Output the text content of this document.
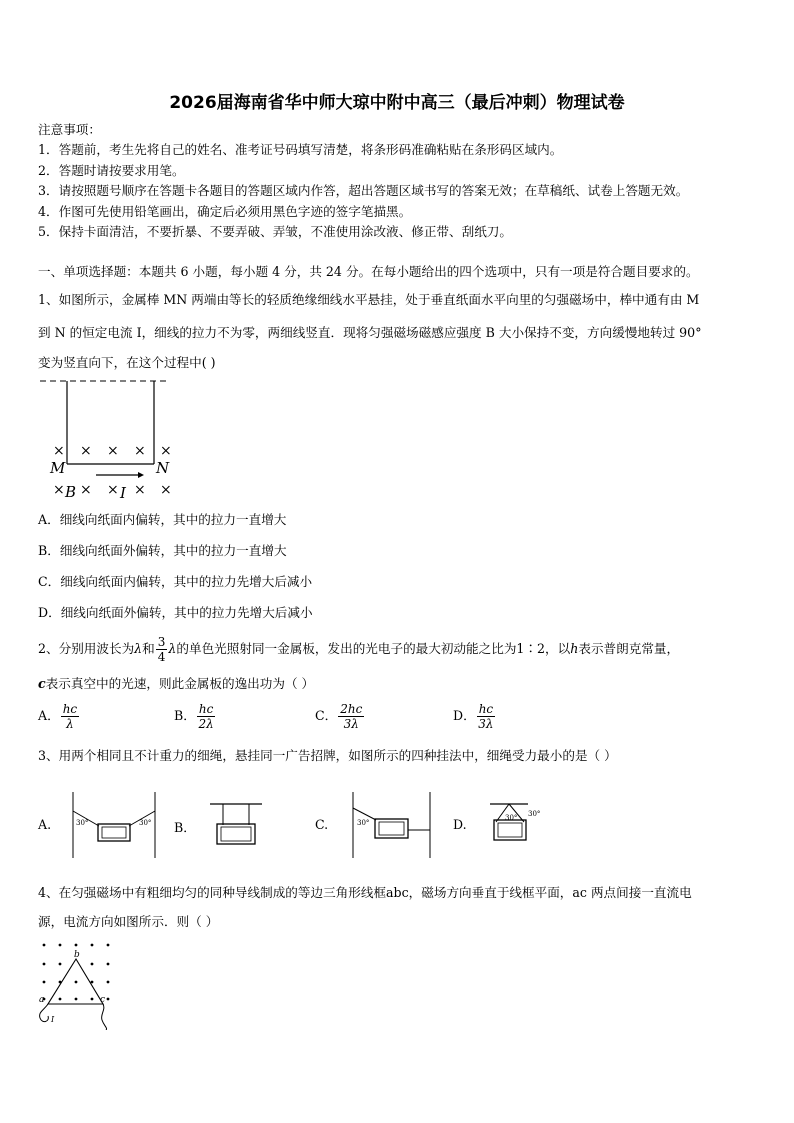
2026届海南省华中师大琼中附中高三（最后冲刺）物理试卷
注意事项：
1．答题前，考生先将自己的姓名、准考证号码填写清楚，将条形码准确粘贴在条形码区域内。
2．答题时请按要求用笔。
3．请按照题号顺序在答题卡各题目的答题区域内作答，超出答题区域书写的答案无效；在草稿纸、试卷上答题无效。
4．作图可先使用铅笔画出，确定后必须用黑色字迹的签字笔描黑。
5．保持卡面清洁，不要折暴、不要弄破、弄皱，不准使用涂改液、修正带、刮纸刀。
一、单项选择题：本题共 6 小题，每小题 4 分，共 24 分。在每小题给出的四个选项中，只有一项是符合题目要求的。
1、如图所示，金属棒 MN 两端由等长的轻质绝缘细线水平悬挂，处于垂直纸面水平向里的匀强磁场中，棒中通有由 M
到 N 的恒定电流 I，细线的拉力不为零，两细线竖直．现将匀强磁场磁感应强度 B 大小保持不变，方向缓慢地转过 90°
变为竖直向下，在这个过程中( )
× × × × ×
× × × × ×
M	N
B	I
A．细线向纸面内偏转，其中的拉力一直增大
B．细线向纸面外偏转，其中的拉力一直增大
C．细线向纸面内偏转，其中的拉力先增大后减小
D．细线向纸面外偏转，其中的拉力先增大后减小
2、分别用波长为λ和 $\frac{3}{4}$ λ的单色光照射同一金属板，发出的光电子的最大初动能之比为1∶2，以h表示普朗克常量，
c表示真空中的光速，则此金属板的逸出功为（ ）
A． $\frac{hc}{\lambda}$	B． $\frac{hc}{2\lambda}$	C． $\frac{2hc}{3\lambda}$	D． $\frac{hc}{3\lambda}$
3、用两个相同且不计重力的细绳，悬挂同一广告招牌，如图所示的四种挂法中，细绳受力最小的是（ ）
A.	30°	30° B．	C.	30°	D.
30°
30°
4、在匀强磁场中有粗细均匀的同种导线制成的等边三角形线框abc，磁场方向垂直于线框平面，ac 两点间接一直流电
源，电流方向如图所示．则（ ）
b
a	c
I
